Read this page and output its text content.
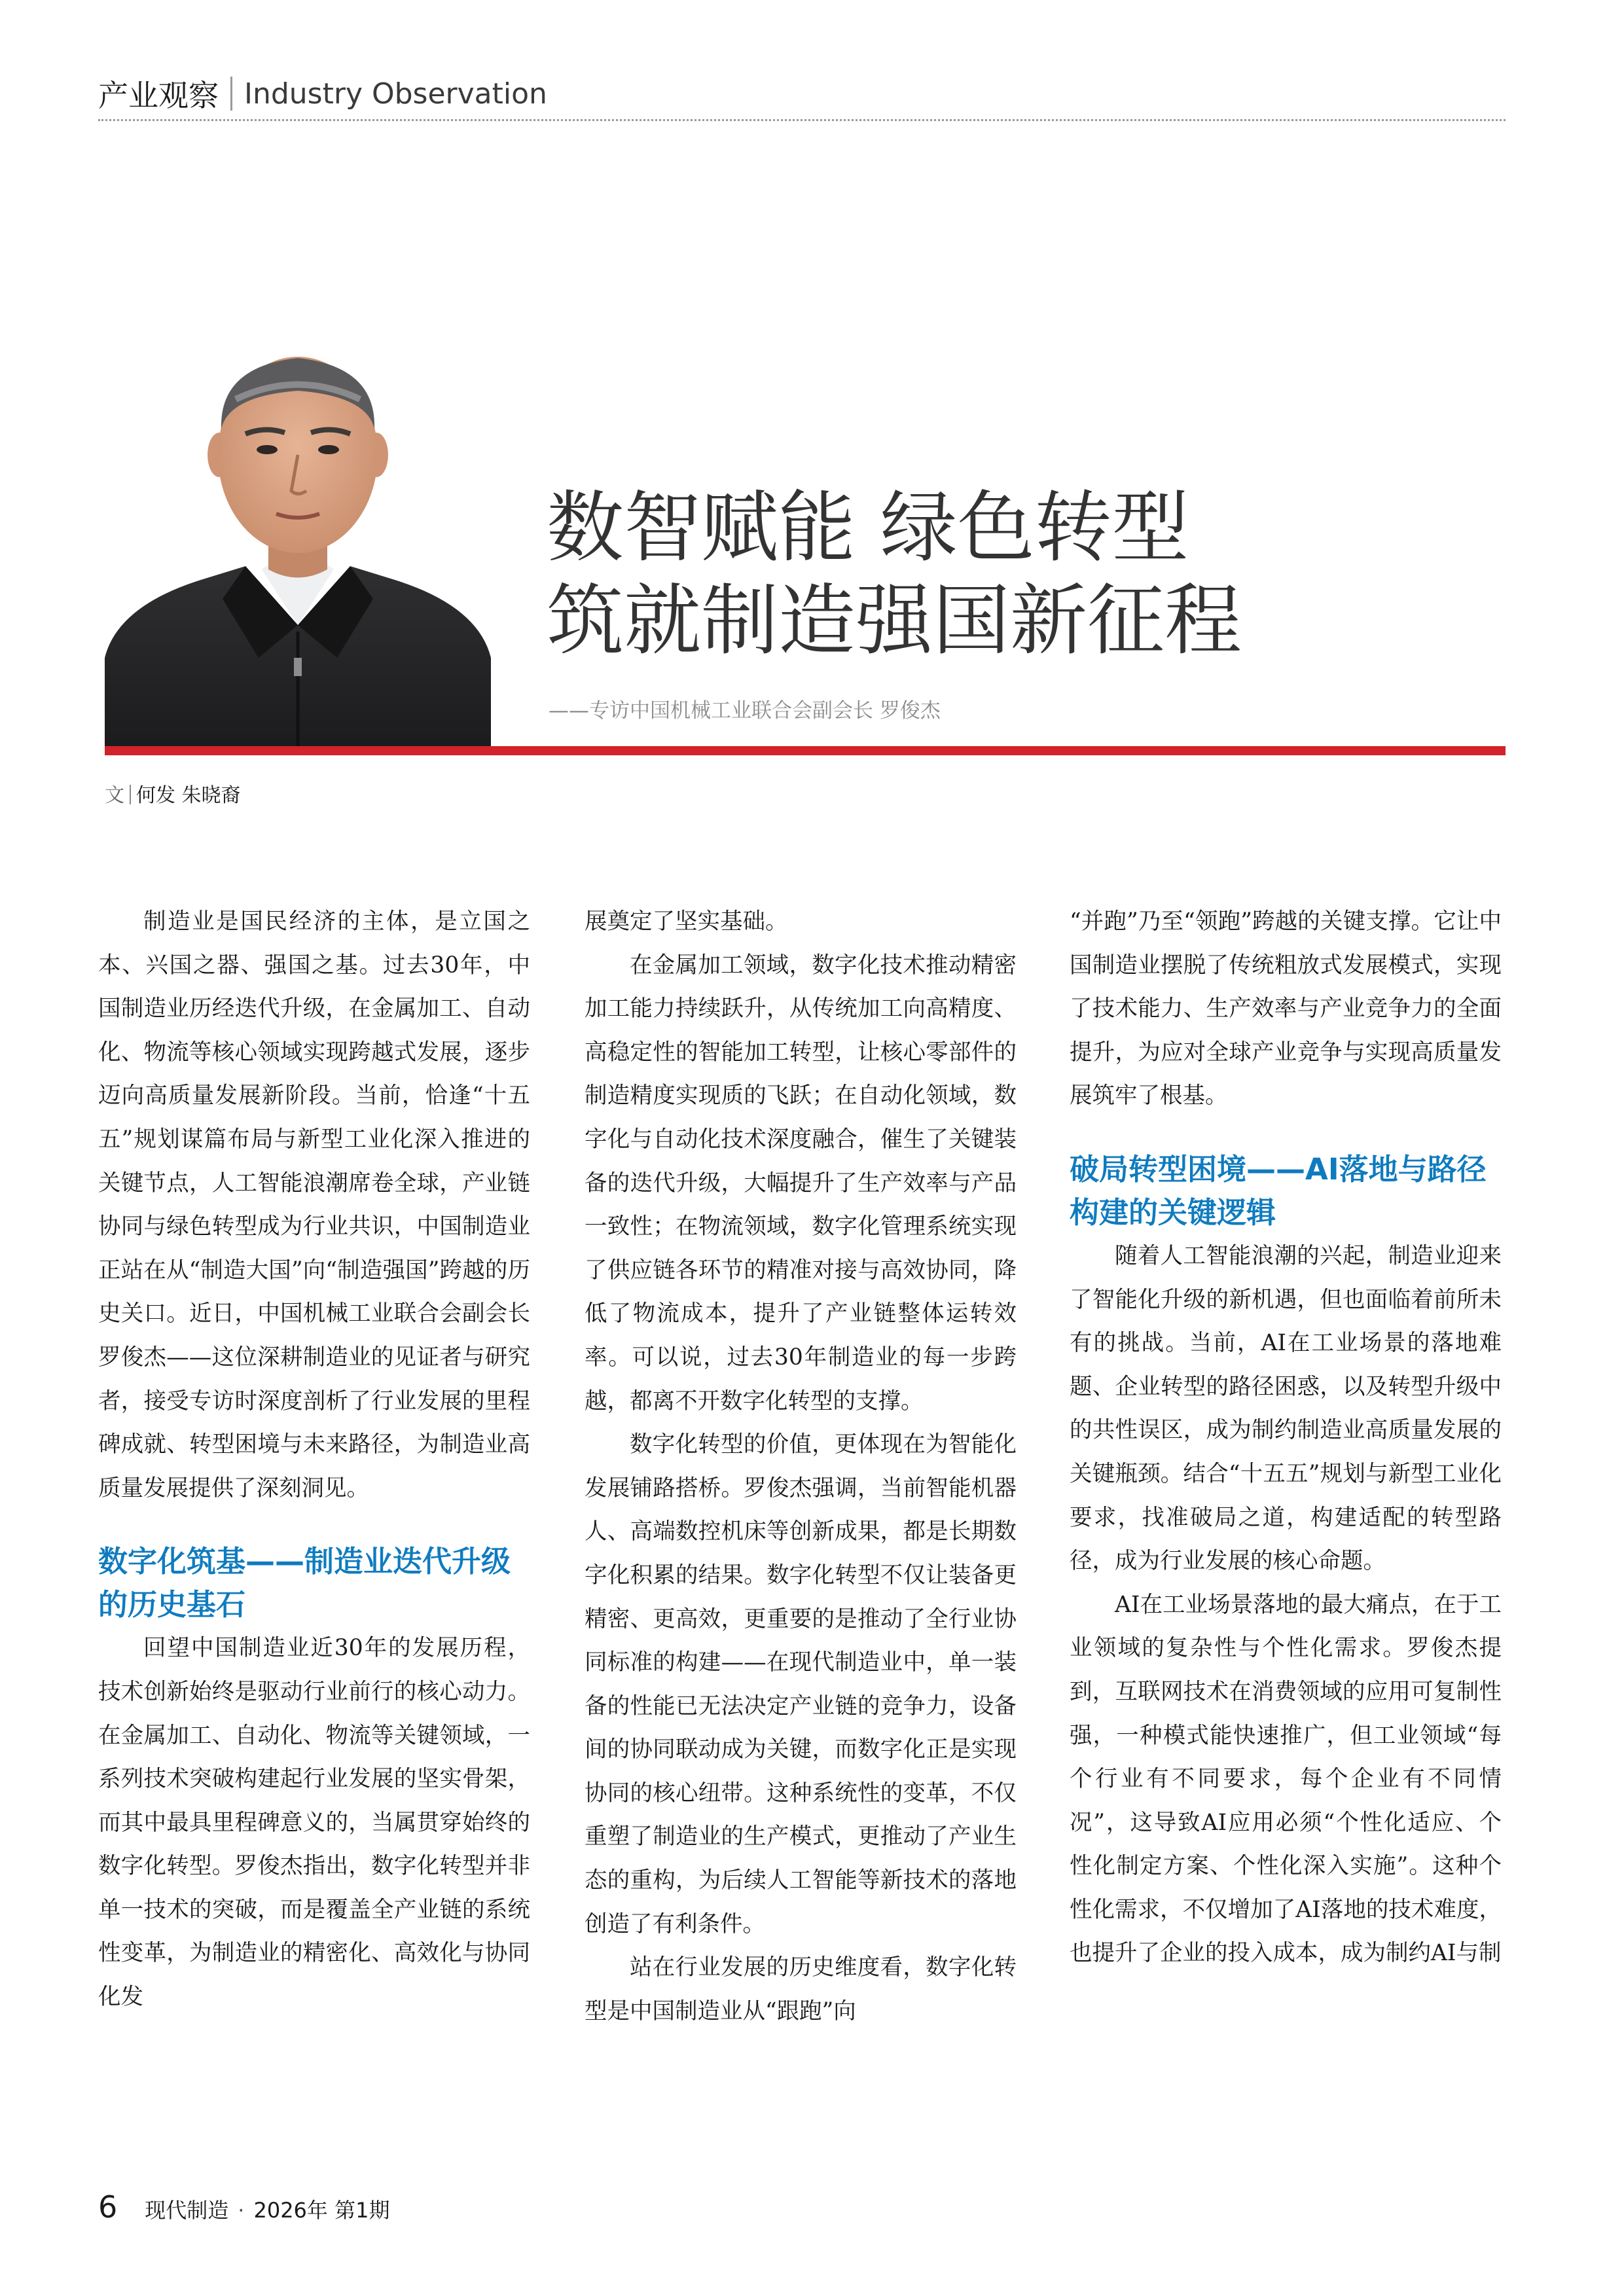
产业观察 Industry Observation
数智赋能 绿色转型
筑就制造强国新征程
——专访中国机械工业联合会副会长 罗俊杰
文 何发 朱晓裔

制造业是国民经济的主体，是立国之本、兴国之器、强国之基。过去30年，中国制造业历经迭代升级，在金属加工、自动化、物流等核心领域实现跨越式发展，逐步迈向高质量发展新阶段。当前，恰逢“十五五”规划谋篇布局与新型工业化深入推进的关键节点，人工智能浪潮席卷全球，产业链协同与绿色转型成为行业共识，中国制造业正站在从“制造大国”向“制造强国”跨越的历史关口。近日，中国机械工业联合会副会长罗俊杰——这位深耕制造业的见证者与研究者，接受专访时深度剖析了行业发展的里程碑成就、转型困境与未来路径，为制造业高质量发展提供了深刻洞见。

数字化筑基——制造业迭代升级的历史基石

回望中国制造业近30年的发展历程，技术创新始终是驱动行业前行的核心动力。在金属加工、自动化、物流等关键领域，一系列技术突破构建起行业发展的坚实骨架，而其中最具里程碑意义的，当属贯穿始终的数字化转型。罗俊杰指出，数字化转型并非单一技术的突破，而是覆盖全产业链的系统性变革，为制造业的精密化、高效化与协同化发

展奠定了坚实基础。

在金属加工领域，数字化技术推动精密加工能力持续跃升，从传统加工向高精度、高稳定性的智能加工转型，让核心零部件的制造精度实现质的飞跃；在自动化领域，数字化与自动化技术深度融合，催生了关键装备的迭代升级，大幅提升了生产效率与产品一致性；在物流领域，数字化管理系统实现了供应链各环节的精准对接与高效协同，降低了物流成本，提升了产业链整体运转效率。可以说，过去30年制造业的每一步跨越，都离不开数字化转型的支撑。

数字化转型的价值，更体现在为智能化发展铺路搭桥。罗俊杰强调，当前智能机器人、高端数控机床等创新成果，都是长期数字化积累的结果。数字化转型不仅让装备更精密、更高效，更重要的是推动了全行业协同标准的构建——在现代制造业中，单一装备的性能已无法决定产业链的竞争力，设备间的协同联动成为关键，而数字化正是实现协同的核心纽带。这种系统性的变革，不仅重塑了制造业的生产模式，更推动了产业生态的重构，为后续人工智能等新技术的落地创造了有利条件。

站在行业发展的历史维度看，数字化转型是中国制造业从“跟跑”向

“并跑”乃至“领跑”跨越的关键支撑。它让中国制造业摆脱了传统粗放式发展模式，实现了技术能力、生产效率与产业竞争力的全面提升，为应对全球产业竞争与实现高质量发展筑牢了根基。

破局转型困境——AI落地与路径构建的关键逻辑

随着人工智能浪潮的兴起，制造业迎来了智能化升级的新机遇，但也面临着前所未有的挑战。当前，AI在工业场景的落地难题、企业转型的路径困惑，以及转型升级中的共性误区，成为制约制造业高质量发展的关键瓶颈。结合“十五五”规划与新型工业化要求，找准破局之道，构建适配的转型路径，成为行业发展的核心命题。

AI在工业场景落地的最大痛点，在于工业领域的复杂性与个性化需求。罗俊杰提到，互联网技术在消费领域的应用可复制性强，一种模式能快速推广，但工业领域“每个行业有不同要求，每个企业有不同情况”，这导致AI应用必须“个性化适应、个性化制定方案、个性化深入实施”。这种个性化需求，不仅增加了AI落地的技术难度，也提升了企业的投入成本，成为制约AI与制

6 现代制造 · 2026年 第1期
